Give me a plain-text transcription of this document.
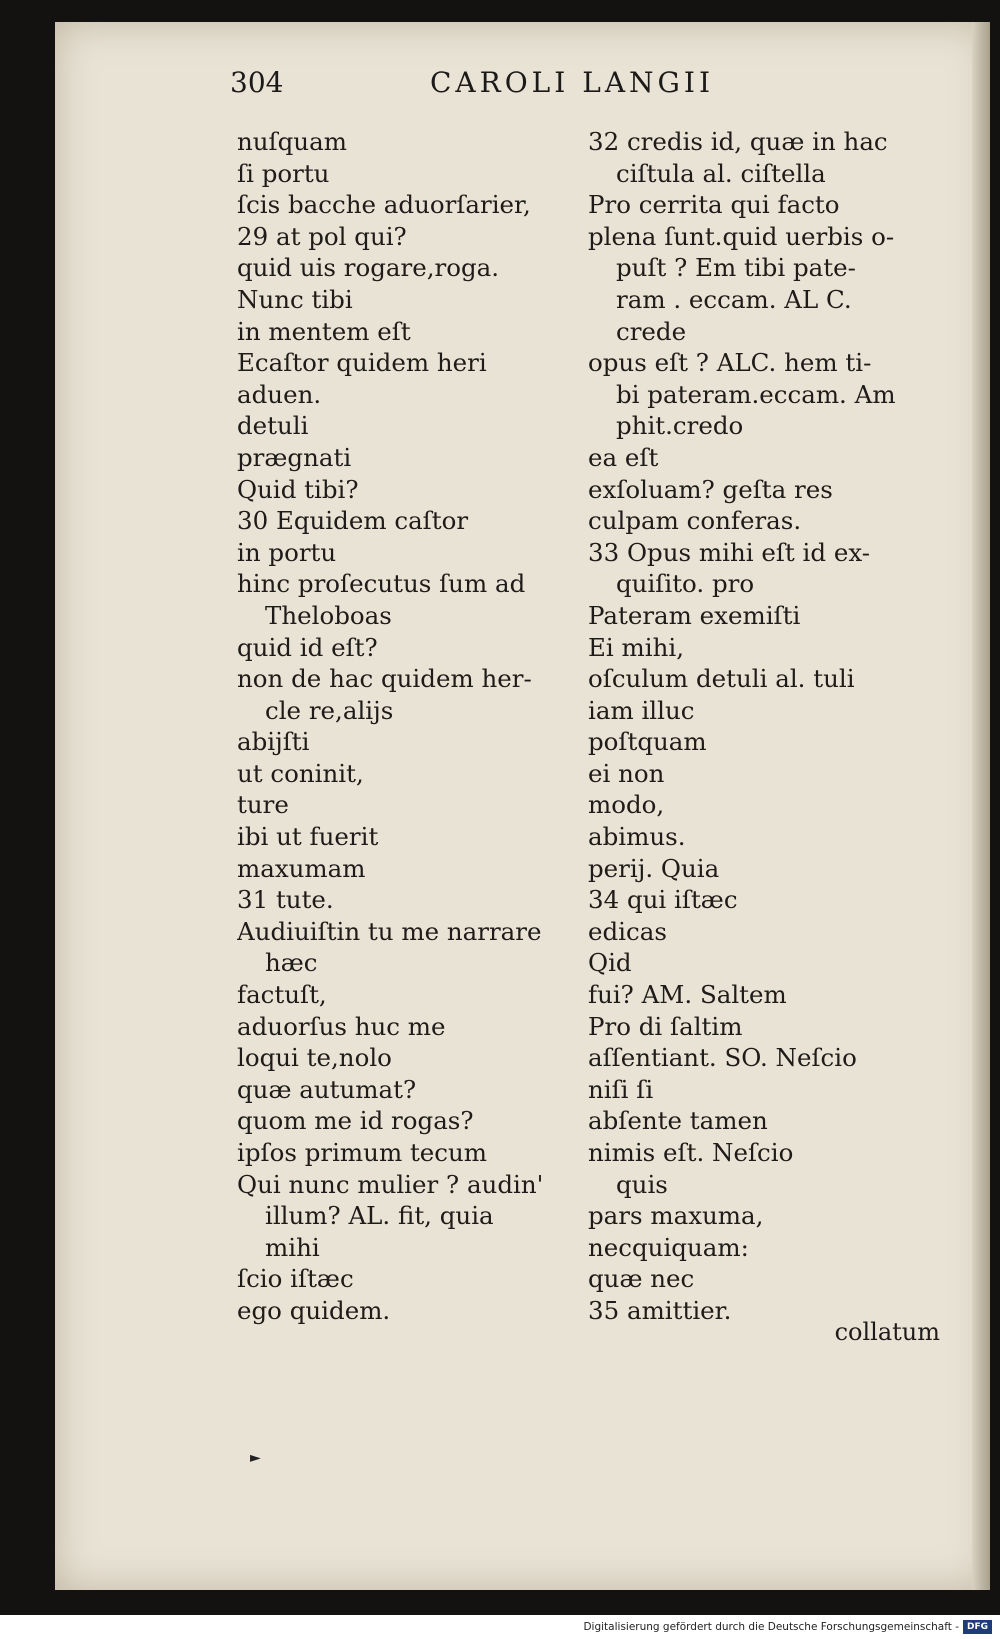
304	CAROLI LANGII
nuſquam
ſi portu
ſcis bacche aduorſarier,
29 at pol qui?
quid uis rogare,roga.
Nunc tibi
in mentem eſt
Ecaſtor quidem heri
aduen.
detuli
prægnati
Quid tibi?
30 Equidem caſtor
in portu
hinc proſecutus ſum ad
Theloboas
quid id eſt?
non de hac quidem her-
cle re,alijs
abijſti
ut coninit,
ture
ibi ut fuerit
maxumam
31 tute.
Audiuiſtin tu me narrare
hæc
factuſt,
aduorſus huc me
loqui te,nolo
quæ autumat?
quom me id rogas?
ipſos primum tecum
Qui nunc mulier ? audin'
illum? AL. fit, quia
mihi
ſcio iſtæc
ego quidem.
32 credis id, quæ in hac
ciſtula al. ciſtella
Pro cerrita qui facto
plena ſunt.quid uerbis o-
puſt ? Em tibi pate-
ram . eccam. AL C.
crede
opus eſt ? ALC. hem ti-
bi pateram.eccam. Am
phit.credo
ea eſt
exſoluam? geſta res
culpam conferas.
33 Opus mihi eſt id ex-
quiſito. pro
Pateram exemiſti
Ei mihi,
oſculum detuli al. tuli
iam illuc
poſtquam
ei non
modo,
abimus.
perij. Quia
34 qui iſtæc
edicas
Qid
fui? AM. Saltem
Pro di ſaltim
aſſentiant. SO. Neſcio
niſi ſi
abſente tamen
nimis eſt. Neſcio
quis
pars maxuma,
necquiquam:
quæ nec
35 amittier.
collatum
►
Digitalisierung gefördert durch die Deutsche Forschungsgemeinschaft - DFG
